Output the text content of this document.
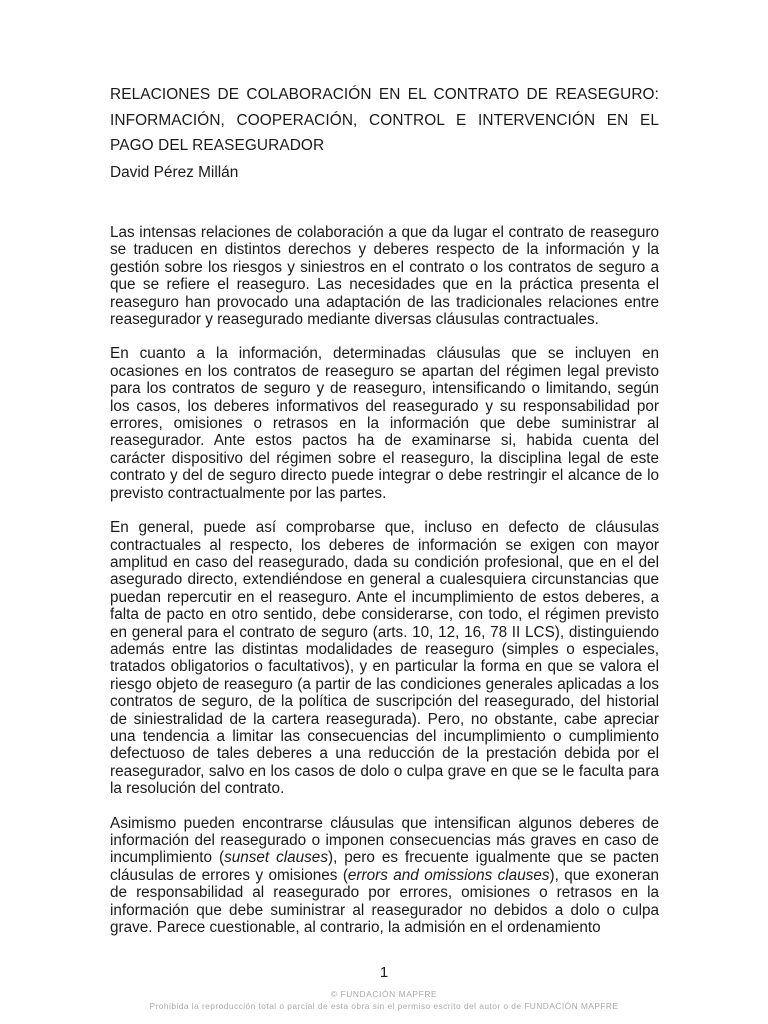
RELACIONES DE COLABORACIÓN EN EL CONTRATO DE REASEGURO: INFORMACIÓN, COOPERACIÓN, CONTROL E INTERVENCIÓN EN EL PAGO DEL REASEGURADOR
David Pérez Millán

Las intensas relaciones de colaboración a que da lugar el contrato de reaseguro se traducen en distintos derechos y deberes respecto de la información y la gestión sobre los riesgos y siniestros en el contrato o los contratos de seguro a que se refiere el reaseguro. Las necesidades que en la práctica presenta el reaseguro han provocado una adaptación de las tradicionales relaciones entre reasegurador y reasegurado mediante diversas cláusulas contractuales.

En cuanto a la información, determinadas cláusulas que se incluyen en ocasiones en los contratos de reaseguro se apartan del régimen legal previsto para los contratos de seguro y de reaseguro, intensificando o limitando, según los casos, los deberes informativos del reasegurado y su responsabilidad por errores, omisiones o retrasos en la información que debe suministrar al reasegurador. Ante estos pactos ha de examinarse si, habida cuenta del carácter dispositivo del régimen sobre el reaseguro, la disciplina legal de este contrato y del de seguro directo puede integrar o debe restringir el alcance de lo previsto contractualmente por las partes.

En general, puede así comprobarse que, incluso en defecto de cláusulas contractuales al respecto, los deberes de información se exigen con mayor amplitud en caso del reasegurado, dada su condición profesional, que en el del asegurado directo, extendiéndose en general a cualesquiera circunstancias que puedan repercutir en el reaseguro. Ante el incumplimiento de estos deberes, a falta de pacto en otro sentido, debe considerarse, con todo, el régimen previsto en general para el contrato de seguro (arts. 10, 12, 16, 78 II LCS), distinguiendo además entre las distintas modalidades de reaseguro (simples o especiales, tratados obligatorios o facultativos), y en particular la forma en que se valora el riesgo objeto de reaseguro (a partir de las condiciones generales aplicadas a los contratos de seguro, de la política de suscripción del reasegurado, del historial de siniestralidad de la cartera reasegurada). Pero, no obstante, cabe apreciar una tendencia a limitar las consecuencias del incumplimiento o cumplimiento defectuoso de tales deberes a una reducción de la prestación debida por el reasegurador, salvo en los casos de dolo o culpa grave en que se le faculta para la resolución del contrato.

Asimismo pueden encontrarse cláusulas que intensifican algunos deberes de información del reasegurado o imponen consecuencias más graves en caso de incumplimiento (sunset clauses), pero es frecuente igualmente que se pacten cláusulas de errores y omisiones (errors and omissions clauses), que exoneran de responsabilidad al reasegurado por errores, omisiones o retrasos en la información que debe suministrar al reasegurador no debidos a dolo o culpa grave. Parece cuestionable, al contrario, la admisión en el ordenamiento

1
© FUNDACIÓN MAPFRE
Prohibida la reproducción total o parcial de esta obra sin el permiso escrito del autor o de FUNDACIÓN MAPFRE
